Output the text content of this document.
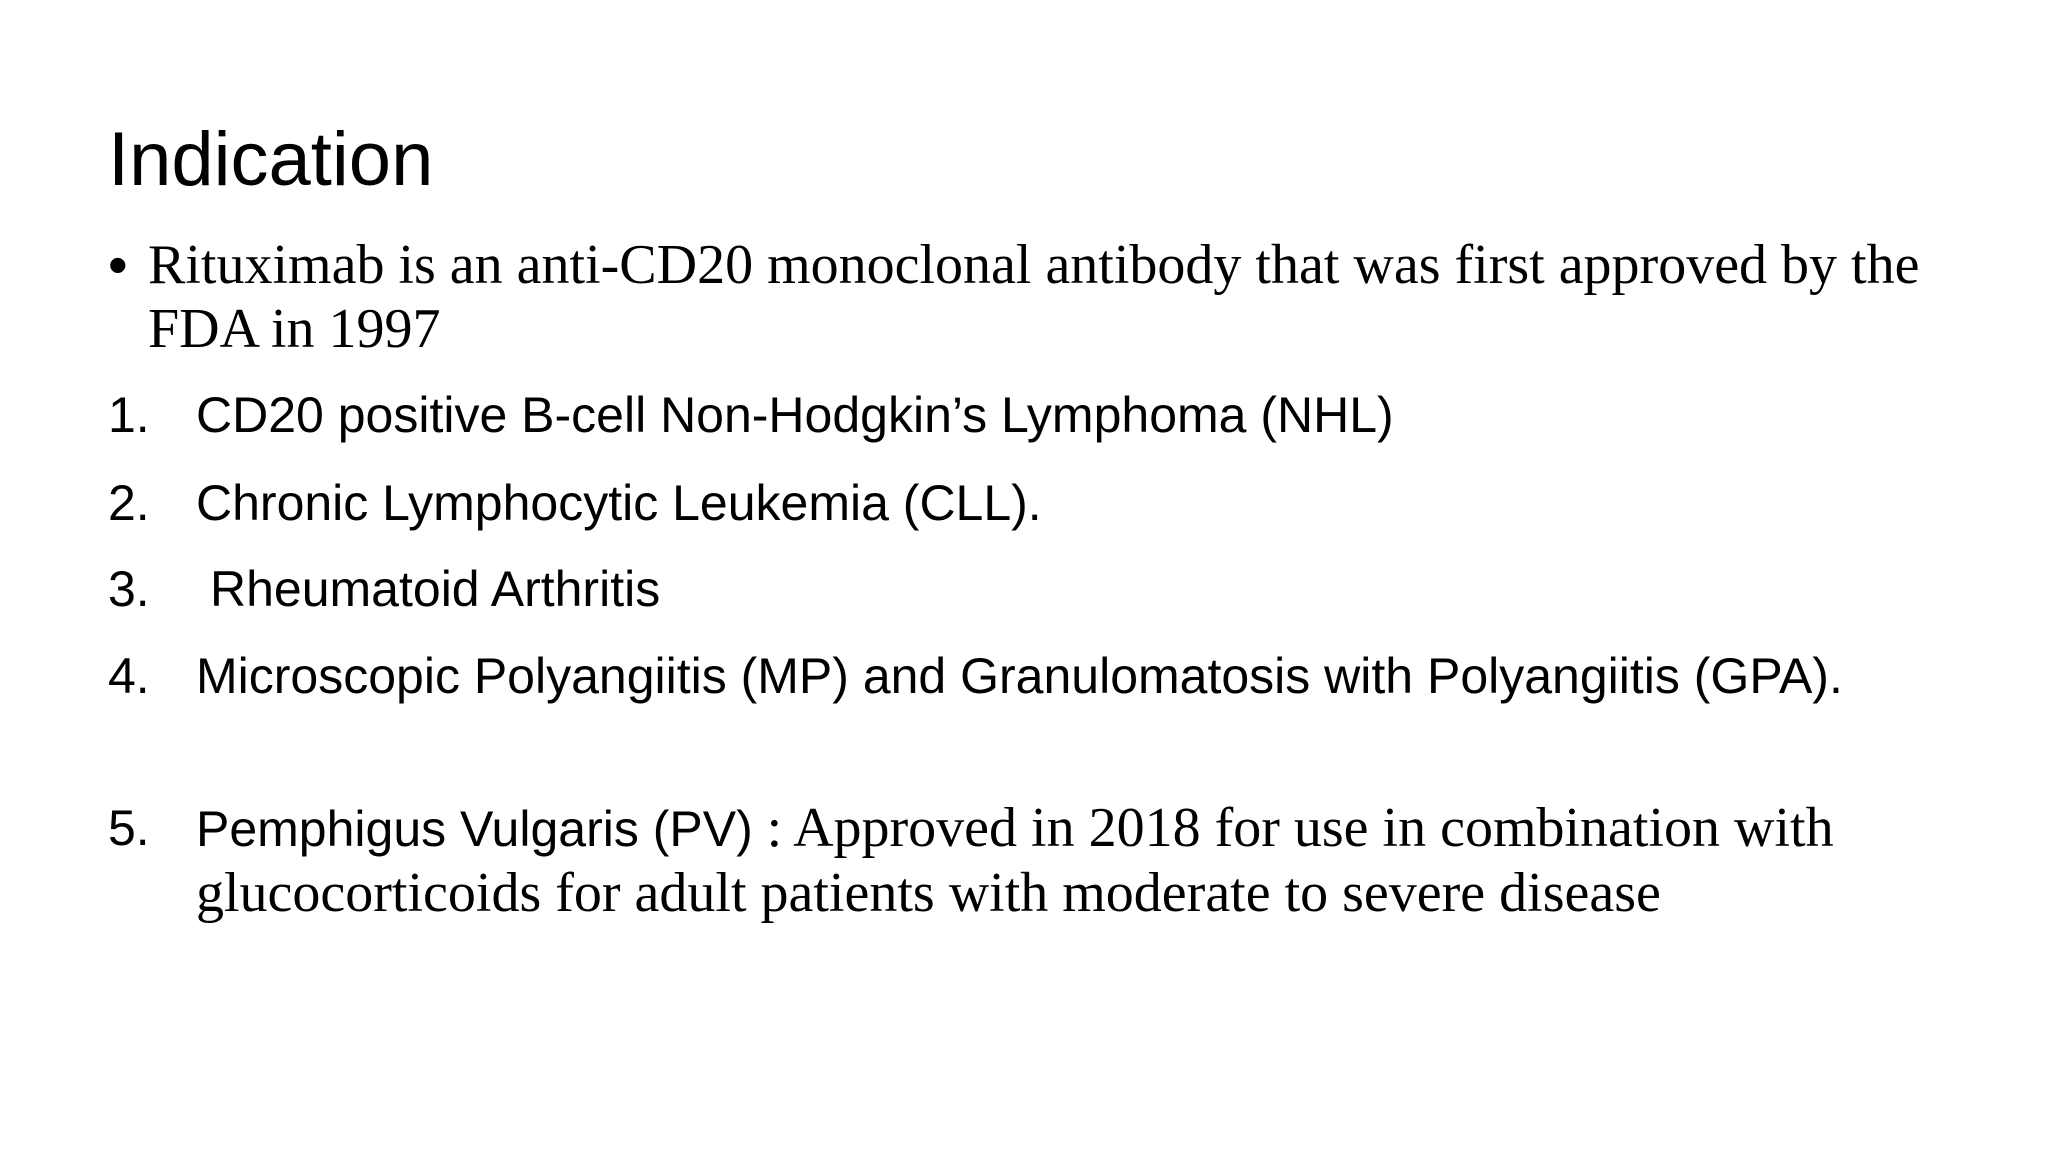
Indication
• Rituximab is an anti-CD20 monoclonal antibody that was first approved by the FDA in 1997
1. CD20 positive B-cell Non-Hodgkin’s Lymphoma (NHL)
2. Chronic Lymphocytic Leukemia (CLL).
3. Rheumatoid Arthritis
4. Microscopic Polyangiitis (MP) and Granulomatosis with Polyangiitis (GPA).
5. Pemphigus Vulgaris (PV) : Approved in 2018 for use in combination with glucocorticoids for adult patients with moderate to severe disease
